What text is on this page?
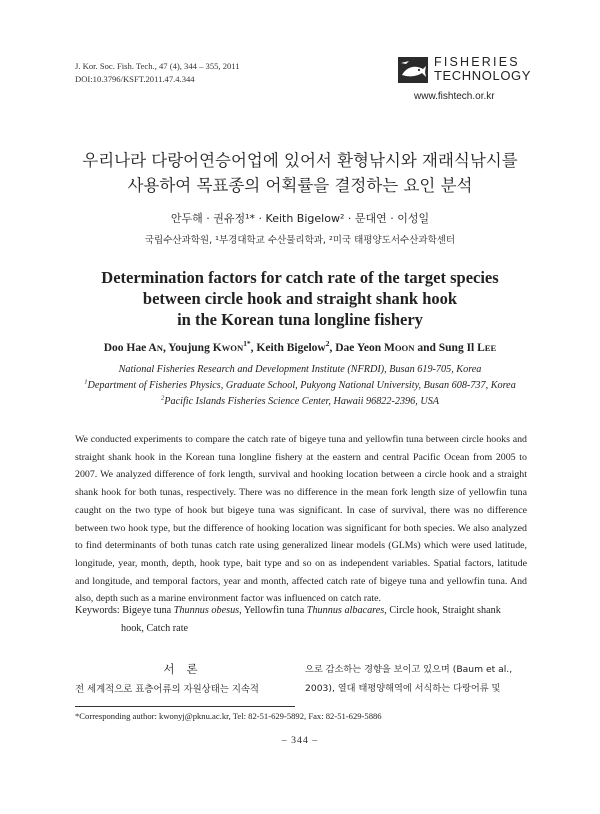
J. Kor. Soc. Fish. Tech., 47 (4), 344 – 355, 2011
DOI:10.3796/KSFT.2011.47.4.344
FISHERIES
TECHNOLOGY
www.fishtech.or.kr
우리나라 다랑어연승어업에 있어서 환형낚시와 재래식낚시를
사용하여 목표종의 어획률을 결정하는 요인 분석
안두해 · 권유정¹* · Keith Bigelow² · 문대연 · 이성일
국립수산과학원, ¹부경대학교 수산물리학과, ²미국 태평양도서수산과학센터
Determination factors for catch rate of the target species
between circle hook and straight shank hook
in the Korean tuna longline fishery
Doo Hae AN, Youjung $KWON^{1*}$, Keith Bigelow$^2$, Dae Yeon MOON and Sung Il LEE
National Fisheries Research and Development Institute (NFRDI), Busan 619-705, Korea
$^1$Department of Fisheries Physics, Graduate School, Pukyong National University, Busan 608-737, Korea
$^2$Pacific Islands Fisheries Science Center, Hawaii 96822-2396, USA
We conducted experiments to compare the catch rate of bigeye tuna and yellowfin tuna between circle hooks and straight shank hook in the Korean tuna longline fishery at the eastern and central Pacific Ocean from 2005 to 2007. We analyzed difference of fork length, survival and hooking location between a circle hook and a straight shank hook for both tunas, respectively. There was no difference in the mean fork length size of yellowfin tuna caught on the two type of hook but bigeye tuna was significant. In case of survival, there was no difference between two hook type, but the difference of hooking location was significant for both species. We also analyzed to find determinants of both tunas catch rate using generalized linear models (GLMs) which were used latitude, longitude, year, month, depth, hook type, bait type and so on as independent variables. Spatial factors, latitude and longitude, and temporal factors, year and month, affected catch rate of bigeye tuna and yellowfin tuna. And also, depth such as a marine environment factor was influenced on catch rate.
Keywords: Bigeye tuna Thunnus obesus, Yellowfin tuna Thunnus albacares, Circle hook, Straight shank
hook, Catch rate
서론
전 세계적으로 표층어류의 자원상태는 지속적
으로 감소하는 경향을 보이고 있으며 (Baum et al.,
2003), 열대 태평양해역에 서식하는 다랑어류 및
*Corresponding author: kwonyj@pknu.ac.kr, Tel: 82-51-629-5892, Fax: 82-51-629-5886
– 344 –
